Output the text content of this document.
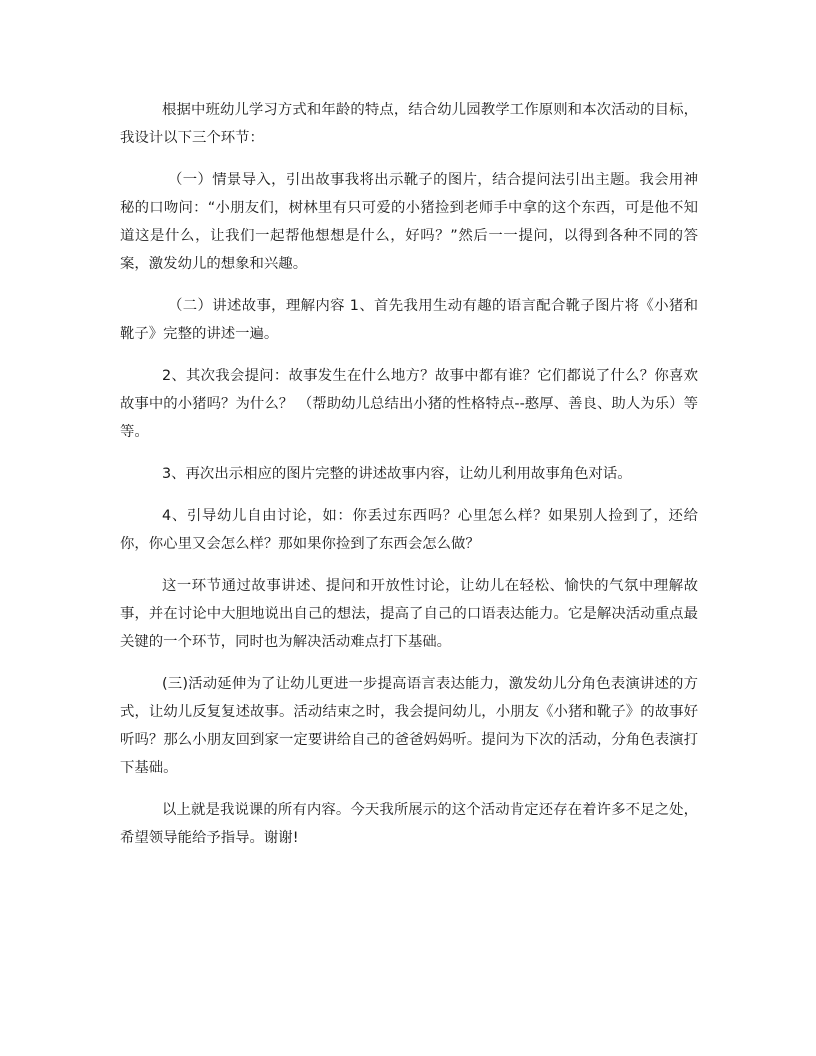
根据中班幼儿学习方式和年龄的特点，结合幼儿园教学工作原则和本次活动的目标，我设计以下三个环节：

（一）情景导入，引出故事我将出示靴子的图片，结合提问法引出主题。我会用神秘的口吻问：“小朋友们，树林里有只可爱的小猪捡到老师手中拿的这个东西，可是他不知道这是什么，让我们一起帮他想想是什么，好吗？”然后一一提问，以得到各种不同的答案，激发幼儿的想象和兴趣。

（二）讲述故事，理解内容 1、首先我用生动有趣的语言配合靴子图片将《小猪和靴子》完整的讲述一遍。

2、其次我会提问：故事发生在什么地方？故事中都有谁？它们都说了什么？你喜欢故事中的小猪吗？为什么？ （帮助幼儿总结出小猪的性格特点--憨厚、善良、助人为乐）等等。

3、再次出示相应的图片完整的讲述故事内容，让幼儿利用故事角色对话。

4、引导幼儿自由讨论，如：你丢过东西吗？心里怎么样？如果别人捡到了，还给你，你心里又会怎么样？那如果你捡到了东西会怎么做？

这一环节通过故事讲述、提问和开放性讨论，让幼儿在轻松、愉快的气氛中理解故事，并在讨论中大胆地说出自己的想法，提高了自己的口语表达能力。它是解决活动重点最关键的一个环节，同时也为解决活动难点打下基础。

(三)活动延伸为了让幼儿更进一步提高语言表达能力，激发幼儿分角色表演讲述的方式，让幼儿反复复述故事。活动结束之时，我会提问幼儿，小朋友《小猪和靴子》的故事好听吗？那么小朋友回到家一定要讲给自己的爸爸妈妈听。提问为下次的活动，分角色表演打下基础。

以上就是我说课的所有内容。今天我所展示的这个活动肯定还存在着许多不足之处，希望领导能给予指导。谢谢!
